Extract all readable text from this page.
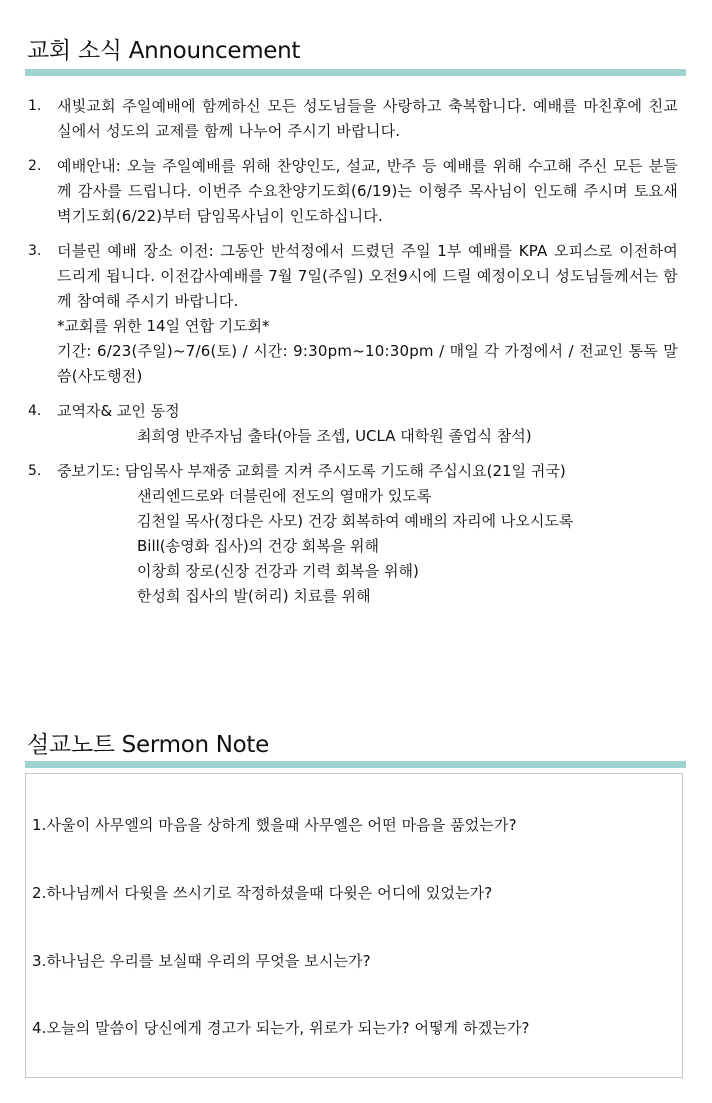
교회 소식 Announcement
1. 새빛교회 주일예배에 함께하신 모든 성도님들을 사랑하고 축복합니다. 예배를 마친후에 친교실에서 성도의 교제를 함께 나누어 주시기 바랍니다.
2. 예배안내: 오늘 주일예배를 위해 찬양인도, 설교, 반주 등 예배를 위해 수고해 주신 모든 분들께 감사를 드립니다. 이번주 수요찬양기도회(6/19)는 이형주 목사님이 인도해 주시며 토요새벽기도회(6/22)부터 담임목사님이 인도하십니다.
3. 더블린 예배 장소 이전: 그동안 반석정에서 드렸던 주일 1부 예배를 KPA 오피스로 이전하여 드리게 됩니다. 이전감사예배를 7월 7일(주일) 오전9시에 드릴 예정이오니 성도님들께서는 함께 참여해 주시기 바랍니다.
*교회를 위한 14일 연합 기도회*
기간: 6/23(주일)~7/6(토) / 시간: 9:30pm~10:30pm / 매일 각 가정에서 / 전교인 통독 말씀(사도행전)
4. 교역자& 교인 동정
최희영 반주자님 출타(아들 조셉, UCLA 대학원 졸업식 참석)
5. 중보기도: 담임목사 부재중 교회를 지켜 주시도록 기도해 주십시요(21일 귀국)
샌리엔드로와 더블린에 전도의 열매가 있도록
김천일 목사(정다은 사모) 건강 회복하여 예배의 자리에 나오시도록
Bill(송영화 집사)의 건강 회복을 위해
이창희 장로(신장 건강과 기력 회복을 위해)
한성희 집사의 발(허리) 치료를 위해
설교노트 Sermon Note
1.사울이 사무엘의 마음을 상하게 했을때 사무엘은 어떤 마음을 품었는가?
2.하나님께서 다윗을 쓰시기로 작정하셨을때 다윗은 어디에 있었는가?
3.하나님은 우리를 보실때 우리의 무엇을 보시는가?
4.오늘의 말씀이 당신에게 경고가 되는가, 위로가 되는가? 어떻게 하겠는가?
